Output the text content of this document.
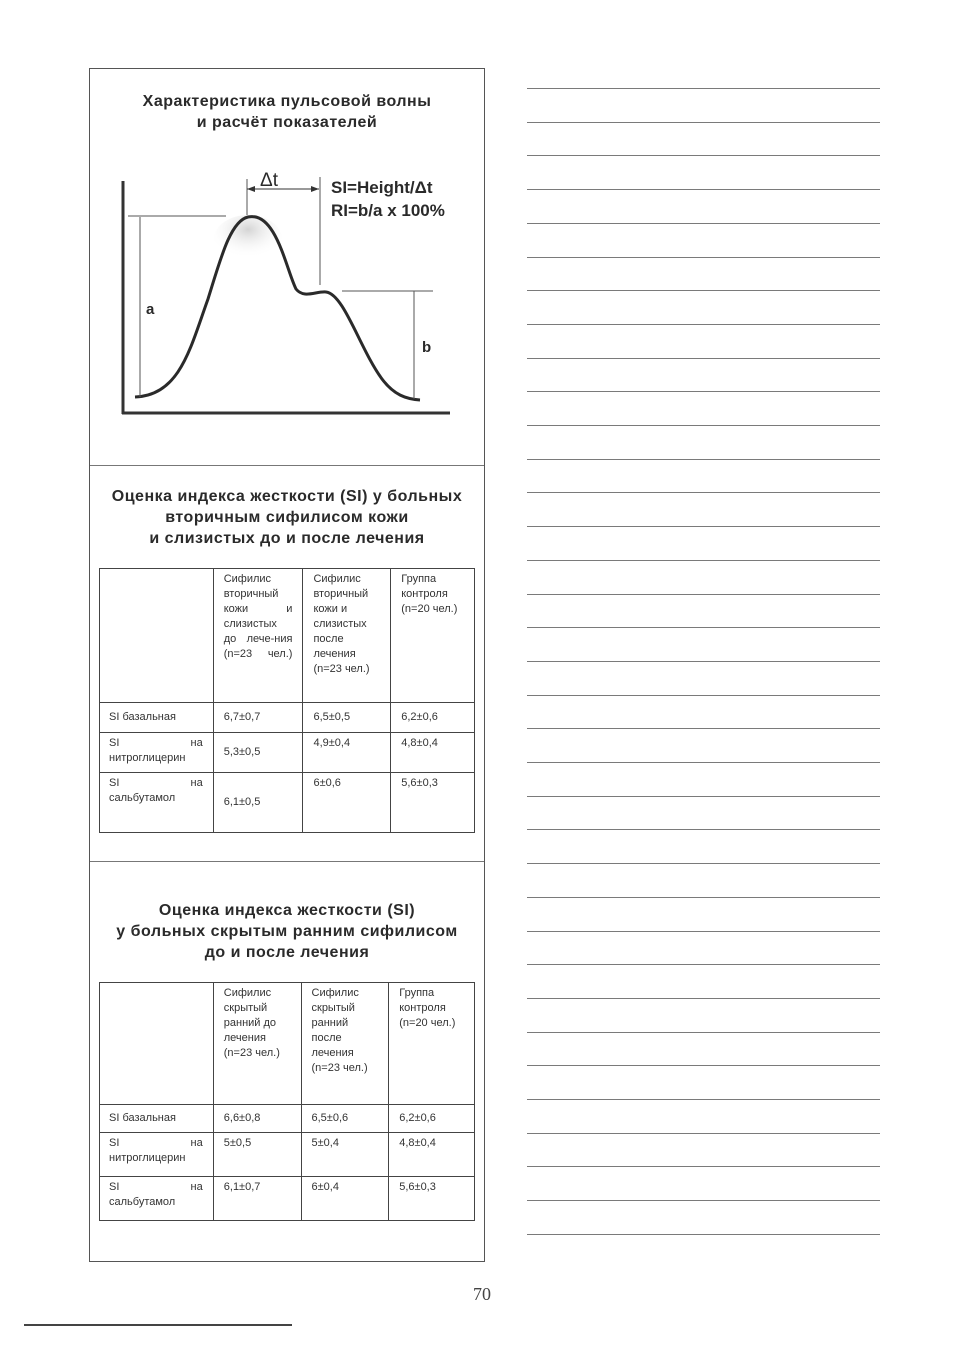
Характеристика пульсовой волны
и расчёт показателей
Δt	SI=Height/Δt
RI=b/a x 100%
a
b
Оценка индекса жесткости (SI) у больных
вторичным сифилисом кожи
и слизистых до и после лечения
	Сифилис вторичный кожи и слизистых до лече-ния (n=23 чел.)	Сифилис вторичный кожи и слизистых после лечения (n=23 чел.)	Группа контроля (n=20 чел.)
SI базальная	6,7±0,7	6,5±0,5	6,2±0,6
SI на нитроглицерин	5,3±0,5	4,9±0,4	4,8±0,4
SI на сальбутамол	6,1±0,5	6±0,6	5,6±0,3
Оценка индекса жесткости (SI)
у больных скрытым ранним сифилисом
до и после лечения
	Сифилис скрытый ранний до лечения (n=23 чел.)	Сифилис скрытый ранний после лечения (n=23 чел.)	Группа контроля (n=20 чел.)
SI базальная	6,6±0,8	6,5±0,6	6,2±0,6
SI на нитроглицерин	5±0,5	5±0,4	4,8±0,4
SI на сальбутамол	6,1±0,7	6±0,4	5,6±0,3
70
